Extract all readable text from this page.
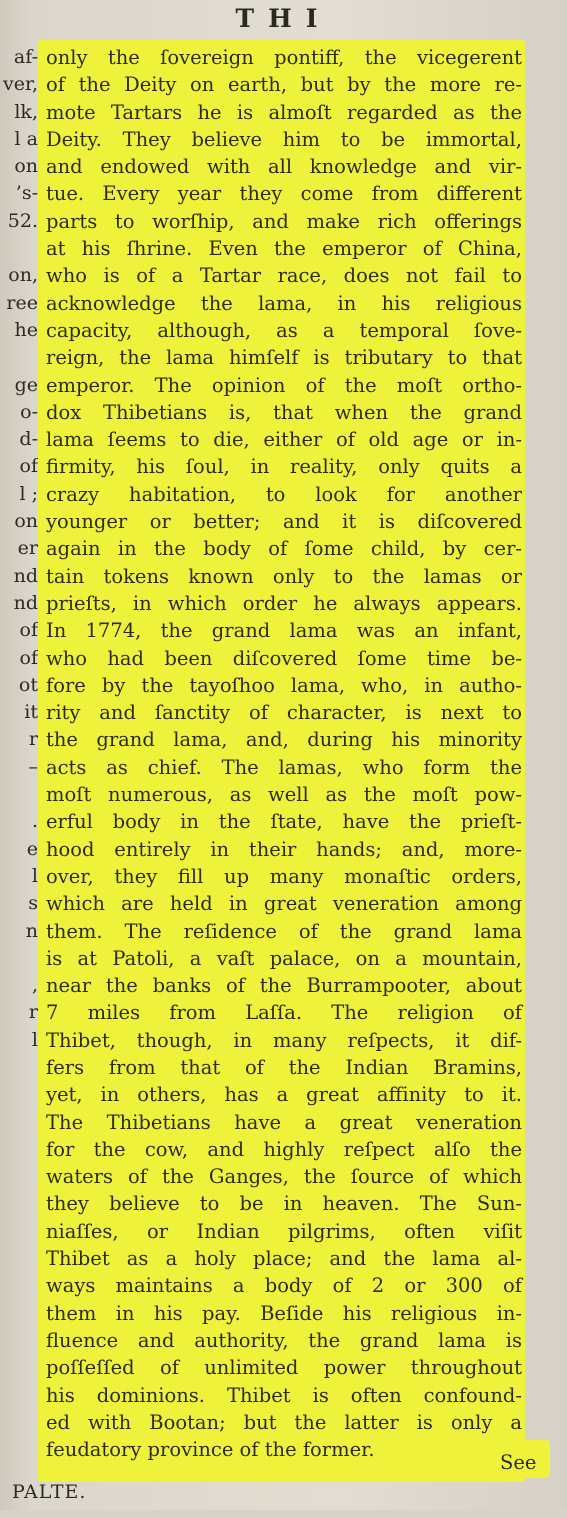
THI
af-
ver,
lk,
l a
on
’s-
52.
on,
ree
he
ge
o-
d-
of
l ;
on
er
nd
nd
of
of
ot
it
r
–
.
e
l
s
n
,
r
l
only the ſovereign pontiff, the vicegerent
of the Deity on earth, but by the more re-
mote Tartars he is almoſt regarded as the
Deity. They believe him to be immortal,
and endowed with all knowledge and vir-
tue. Every year they come from different
parts to worſhip, and make rich offerings
at his ſhrine. Even the emperor of China,
who is of a Tartar race, does not fail to
acknowledge the lama, in his religious
capacity, although, as a temporal ſove-
reign, the lama himſelf is tributary to that
emperor. The opinion of the moſt ortho-
dox Thibetians is, that when the grand
lama ſeems to die, either of old age or in-
firmity, his ſoul, in reality, only quits a
crazy habitation, to look for another
younger or better; and it is diſcovered
again in the body of ſome child, by cer-
tain tokens known only to the lamas or
prieſts, in which order he always appears.
In 1774, the grand lama was an infant,
who had been diſcovered ſome time be-
fore by the tayoſhoo lama, who, in autho-
rity and ſanctity of character, is next to
the grand lama, and, during his minority
acts as chief. The lamas, who form the
moſt numerous, as well as the moſt pow-
erful body in the ſtate, have the prieſt-
hood entirely in their hands; and, more-
over, they fill up many monaſtic orders,
which are held in great veneration among
them. The reſidence of the grand lama
is at Patoli, a vaſt palace, on a mountain,
near the banks of the Burrampooter, about
7 miles from Laſſa. The religion of
Thibet, though, in many reſpects, it dif-
fers from that of the Indian Bramins,
yet, in others, has a great affinity to it.
The Thibetians have a great veneration
for the cow, and highly reſpect alſo the
waters of the Ganges, the ſource of which
they believe to be in heaven. The Sun-
niaſſes, or Indian pilgrims, often viſit
Thibet as a holy place; and the lama al-
ways maintains a body of 2 or 300 of
them in his pay. Beſide his religious in-
fluence and authority, the grand lama is
poſſeſſed of unlimited power throughout
his dominions. Thibet is often confound-
ed with Bootan; but the latter is only a
feudatory province of the former.
See
PALTE.
